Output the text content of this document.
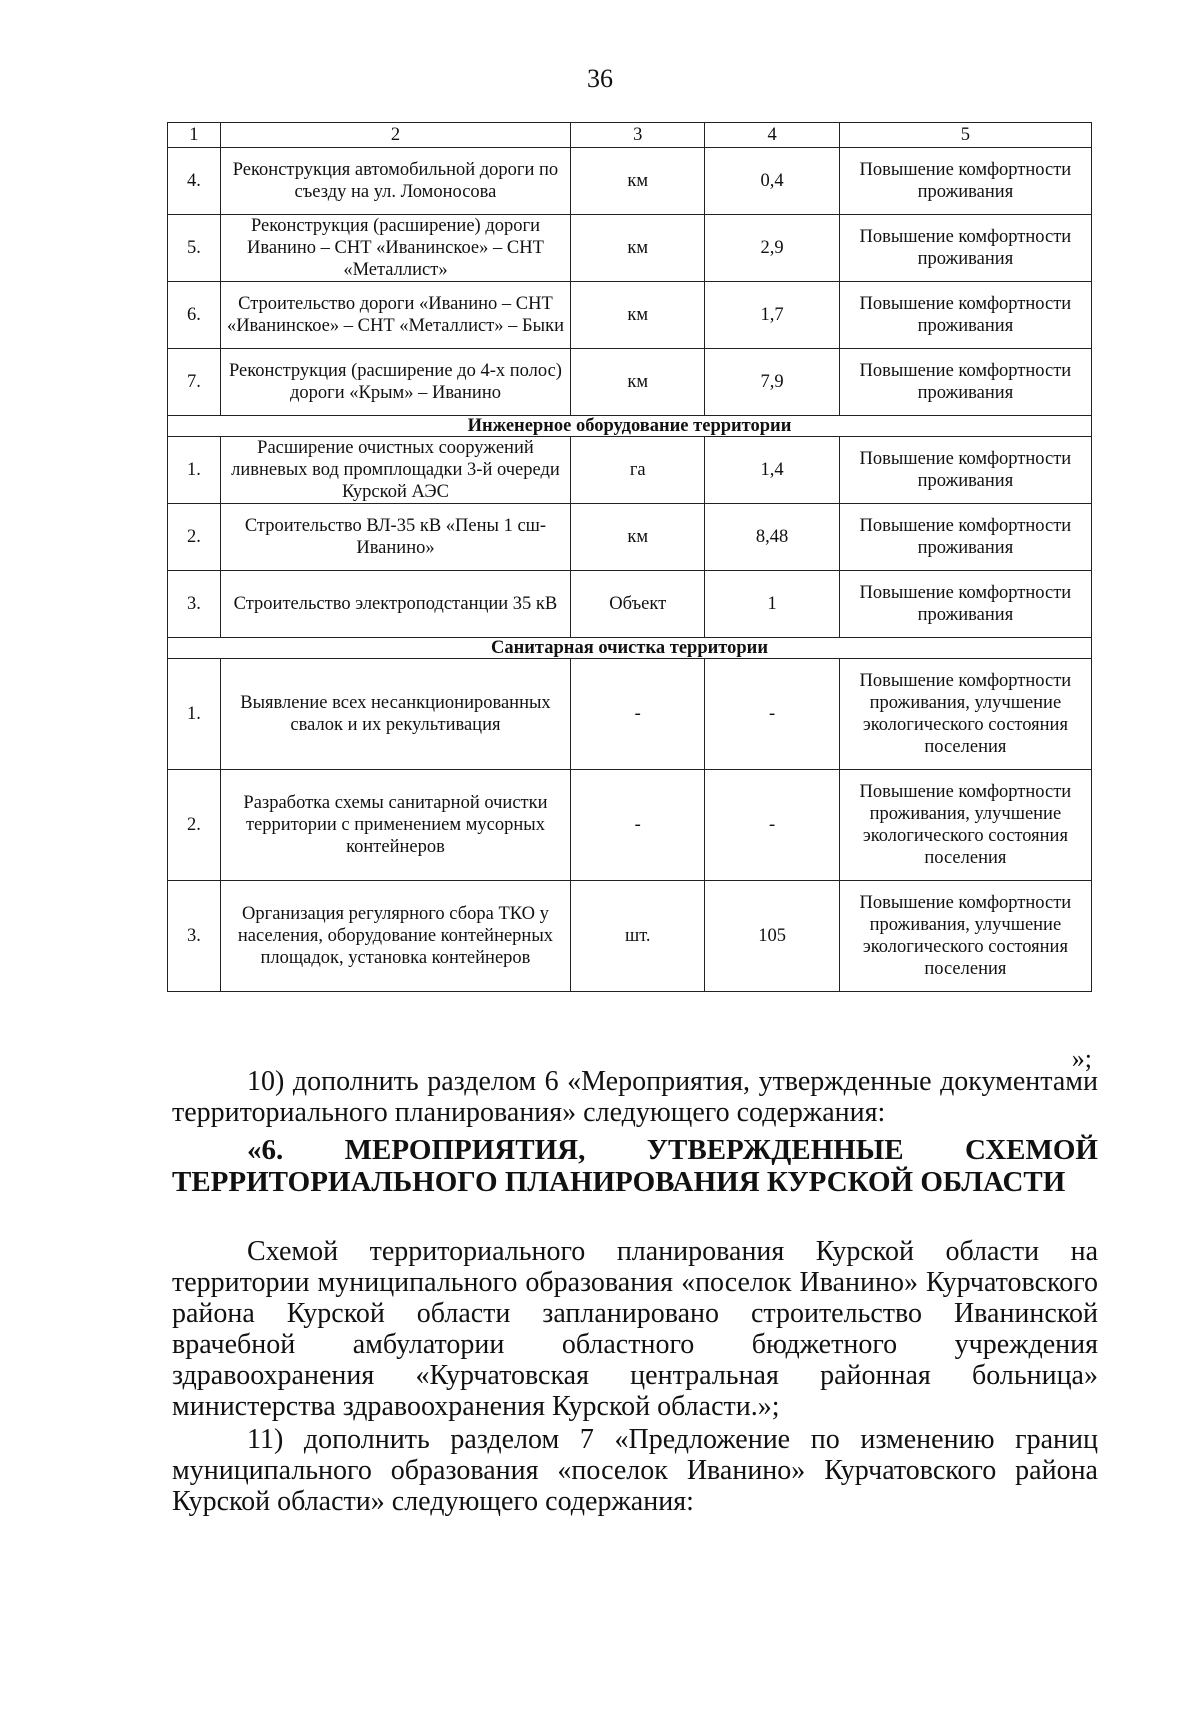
36
1	2	3	4	5
4.	Реконструкция автомобильной дороги по съезду на ул. Ломоносова	км	0,4	Повышение комфортности проживания
5.	Реконструкция (расширение) дороги Иванино – СНТ «Иванинское» – СНТ «Металлист»	км	2,9	Повышение комфортности проживания
6.	Строительство дороги «Иванино – СНТ «Иванинское» – СНТ «Металлист» – Быки	км	1,7	Повышение комфортности проживания
7.	Реконструкция (расширение до 4-х полос) дороги «Крым» – Иванино	км	7,9	Повышение комфортности проживания
Инженерное оборудование территории				
1.	Расширение очистных сооружений ливневых вод промплощадки 3-й очереди Курской АЭС	га	1,4	Повышение комфортности проживания
2.	Строительство ВЛ-35 кВ «Пены 1 сш-Иванино»	км	8,48	Повышение комфортности проживания
3.	Строительство электроподстанции 35 кВ	Объект	1	Повышение комфортности проживания
Санитарная очистка территории				
1.	Выявление всех несанкционированных свалок и их рекультивация	-	-	Повышение комфортности проживания, улучшение экологического состояния поселения
2.	Разработка схемы санитарной очистки территории с применением мусорных контейнеров	-	-	Повышение комфортности проживания, улучшение экологического состояния поселения
3.	Организация регулярного сбора ТКО у населения, оборудование контейнерных площадок, установка контейнеров	шт.	105	Повышение комфортности проживания, улучшение экологического состояния поселения
»;

10) дополнить разделом 6 «Мероприятия, утвержденные документами территориального планирования» следующего содержания:

«6. МЕРОПРИЯТИЯ, УТВЕРЖДЕННЫЕ СХЕМОЙ ТЕРРИТОРИАЛЬНОГО ПЛАНИРОВАНИЯ КУРСКОЙ ОБЛАСТИ

Схемой территориального планирования Курской области на территории муниципального образования «поселок Иванино» Курчатовского района Курской области запланировано строительство Иванинской врачебной амбулатории областного бюджетного учреждения здравоохранения «Курчатовская центральная районная больница» министерства здравоохранения Курской области.»;

11) дополнить разделом 7 «Предложение по изменению границ муниципального образования «поселок Иванино» Курчатовского района Курской области» следующего содержания:
